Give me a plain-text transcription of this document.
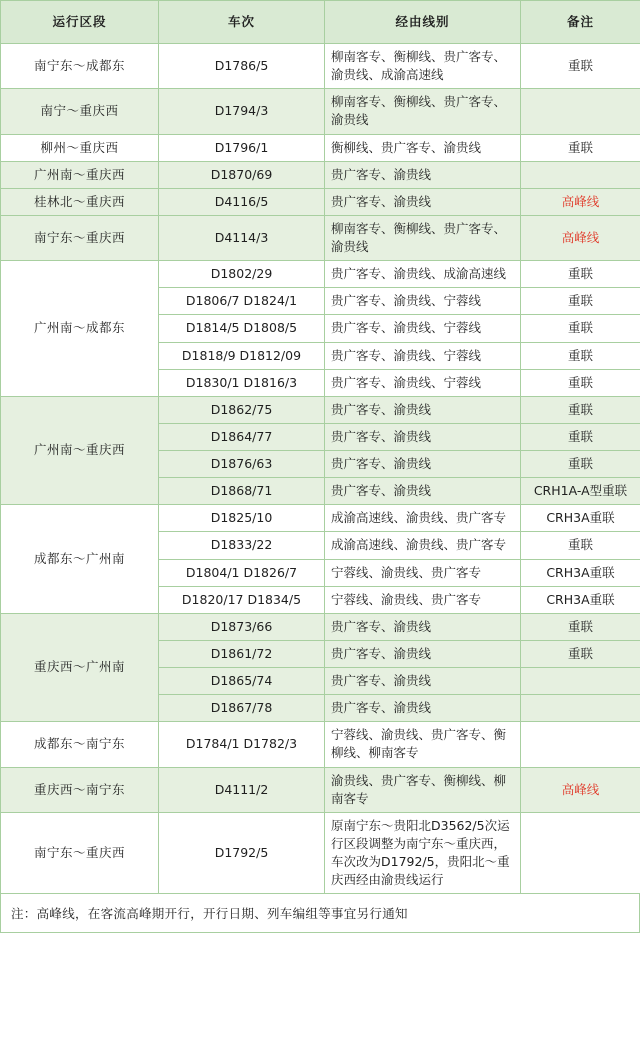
运行区段	车次	经由线别	备注
南宁东～成都东	D1786/5	柳南客专、衡柳线、贵广客专、渝贵线、成渝高速线	重联
南宁～重庆西	D1794/3	柳南客专、衡柳线、贵广客专、渝贵线	
柳州～重庆西	D1796/1	衡柳线、贵广客专、渝贵线	重联
广州南～重庆西	D1870/69	贵广客专、渝贵线	
桂林北～重庆西	D4116/5	贵广客专、渝贵线	高峰线
南宁东～重庆西	D4114/3	柳南客专、衡柳线、贵广客专、渝贵线	高峰线
广州南～成都东	D1802/29	贵广客专、渝贵线、成渝高速线	重联
	D1806/7 D1824/1	贵广客专、渝贵线、宁蓉线	重联
	D1814/5 D1808/5	贵广客专、渝贵线、宁蓉线	重联
	D1818/9 D1812/09	贵广客专、渝贵线、宁蓉线	重联
	D1830/1 D1816/3	贵广客专、渝贵线、宁蓉线	重联
广州南～重庆西	D1862/75	贵广客专、渝贵线	重联
	D1864/77	贵广客专、渝贵线	重联
	D1876/63	贵广客专、渝贵线	重联
	D1868/71	贵广客专、渝贵线	CRH1A-A型重联
成都东～广州南	D1825/10	成渝高速线、渝贵线、贵广客专	CRH3A重联
	D1833/22	成渝高速线、渝贵线、贵广客专	重联
	D1804/1 D1826/7	宁蓉线、渝贵线、贵广客专	CRH3A重联
	D1820/17 D1834/5	宁蓉线、渝贵线、贵广客专	CRH3A重联
重庆西～广州南	D1873/66	贵广客专、渝贵线	重联
	D1861/72	贵广客专、渝贵线	重联
	D1865/74	贵广客专、渝贵线	
	D1867/78	贵广客专、渝贵线	
成都东～南宁东	D1784/1 D1782/3	宁蓉线、渝贵线、贵广客专、衡柳线、柳南客专	
重庆西～南宁东	D4111/2	渝贵线、贵广客专、衡柳线、柳南客专	高峰线
南宁东～重庆西	D1792/5	原南宁东～贵阳北D3562/5次运行区段调整为南宁东～重庆西，车次改为D1792/5，贵阳北～重庆西经由渝贵线运行	
注：高峰线，在客流高峰期开行，开行日期、列车编组等事宜另行通知
